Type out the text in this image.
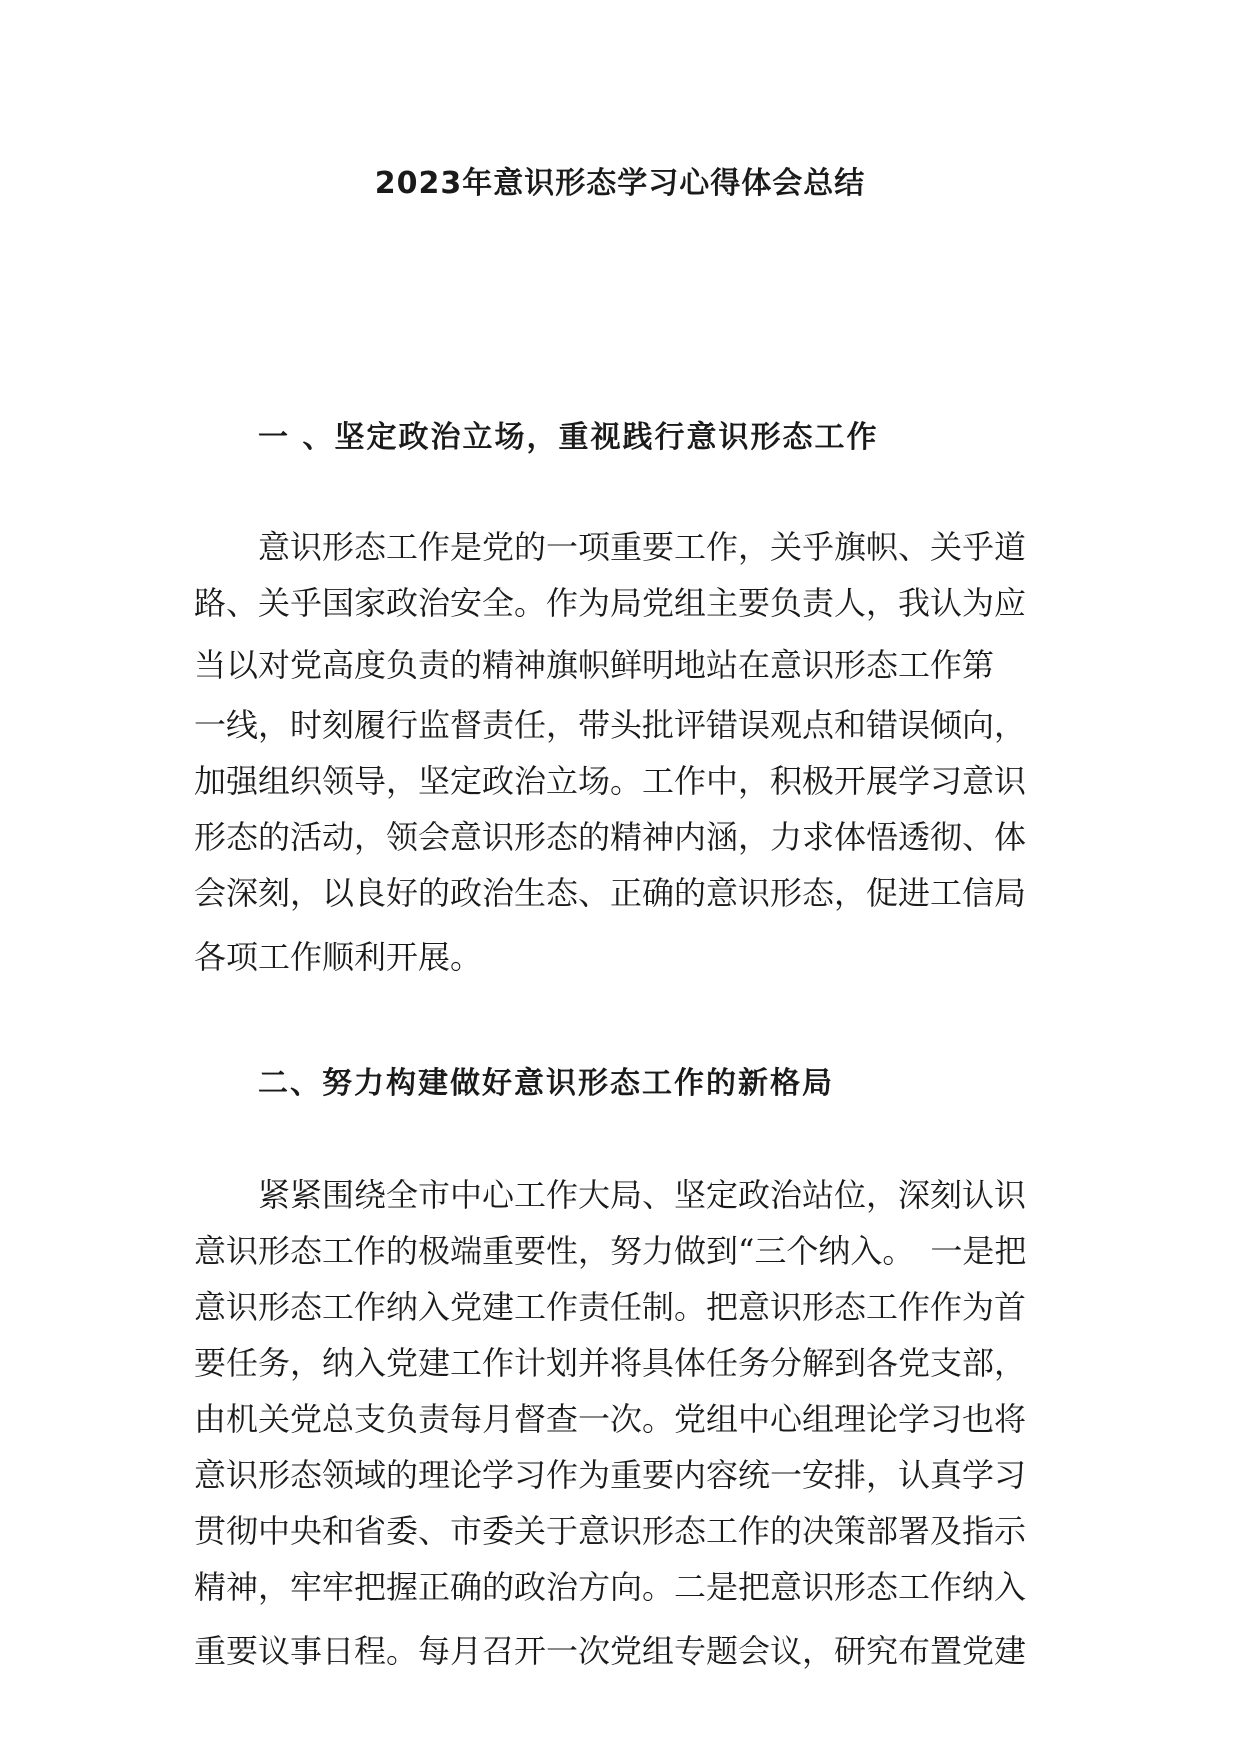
2023年意识形态学习心得体会总结
一 、坚定政治立场，重视践行意识形态工作

意识形态工作是党的一项重要工作，关乎旗帜、关乎道

路、关乎国家政治安全。作为局党组主要负责人，我认为应

当以对党高度负责的精神旗帜鲜明地站在意识形态工作第

一线，时刻履行监督责任，带头批评错误观点和错误倾向，

加强组织领导，坚定政治立场。工作中，积极开展学习意识

形态的活动，领会意识形态的精神内涵，力求体悟透彻、体

会深刻，以良好的政治生态、正确的意识形态，促进工信局

各项工作顺利开展。

二、努力构建做好意识形态工作的新格局

紧紧围绕全市中心工作大局、坚定政治站位，深刻认识

意识形态工作的极端重要性，努力做到“三个纳入。　一是把

意识形态工作纳入党建工作责任制。把意识形态工作作为首

要任务，纳入党建工作计划并将具体任务分解到各党支部，

由机关党总支负责每月督查一次。党组中心组理论学习也将

意识形态领域的理论学习作为重要内容统一安排，认真学习

贯彻中央和省委、市委关于意识形态工作的决策部署及指示

精神，牢牢把握正确的政治方向。二是把意识形态工作纳入

重要议事日程。每月召开一次党组专题会议，研究布置党建
